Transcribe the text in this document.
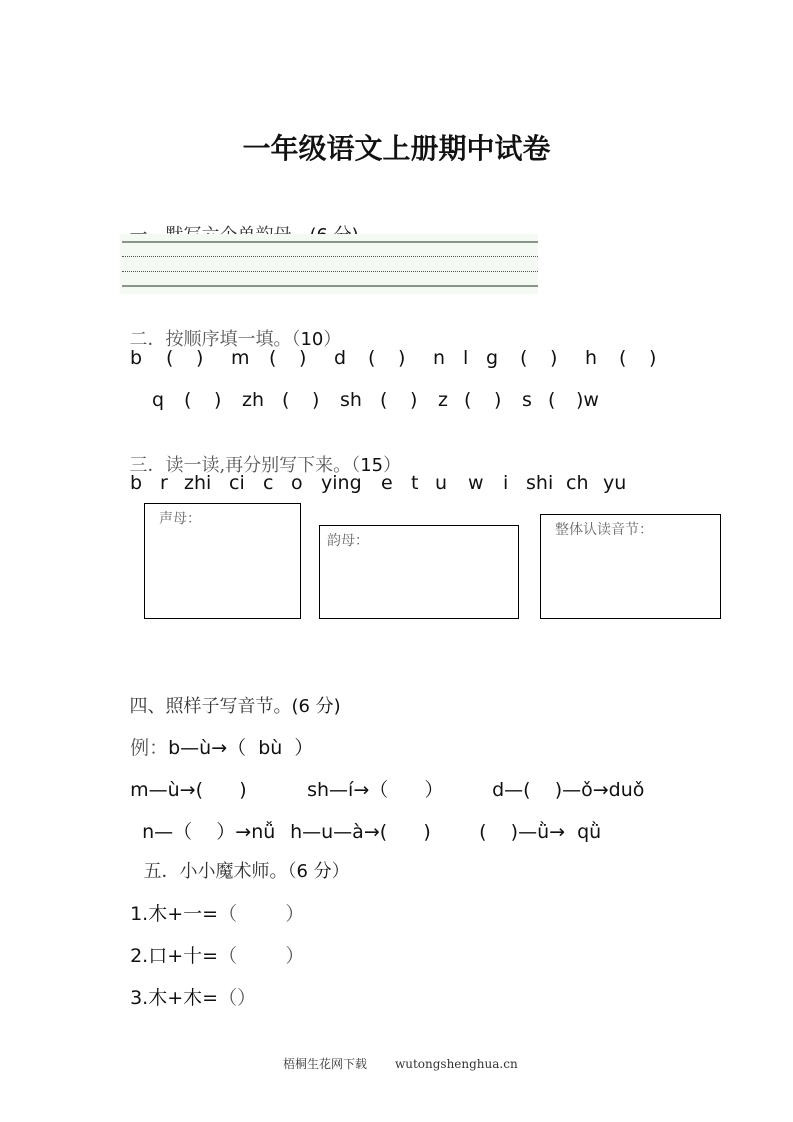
一年级语文上册期中试卷

二．按顺序填一填。（10）

b	(	)	m	(	)	d	(	)	n l g	(	)	h	(	)
q	(	)	zh (	)	sh (	)	z (	)	s (	)w

三．读一读,再分别写下来。（15）

b r zhi ci c o ying	e t u	w	i shi ch yu
声母：
韵母：
整体认读音节：

四、照样子写音节。(6 分)

例：b—ù→（  bù  ）

m—ù→(      )	sh—í→（      ）	d—(    )—ǒ→duǒ

n—（    ）→nǚ h—u—à→(      )	(    )—ǜ→  qǜ

五．小小魔术师。（6 分）

1.木+一=（        ）

2.口+十=（        ）

3.木+木=（）

梧桐生花网下载 wutongshenghua.cn
